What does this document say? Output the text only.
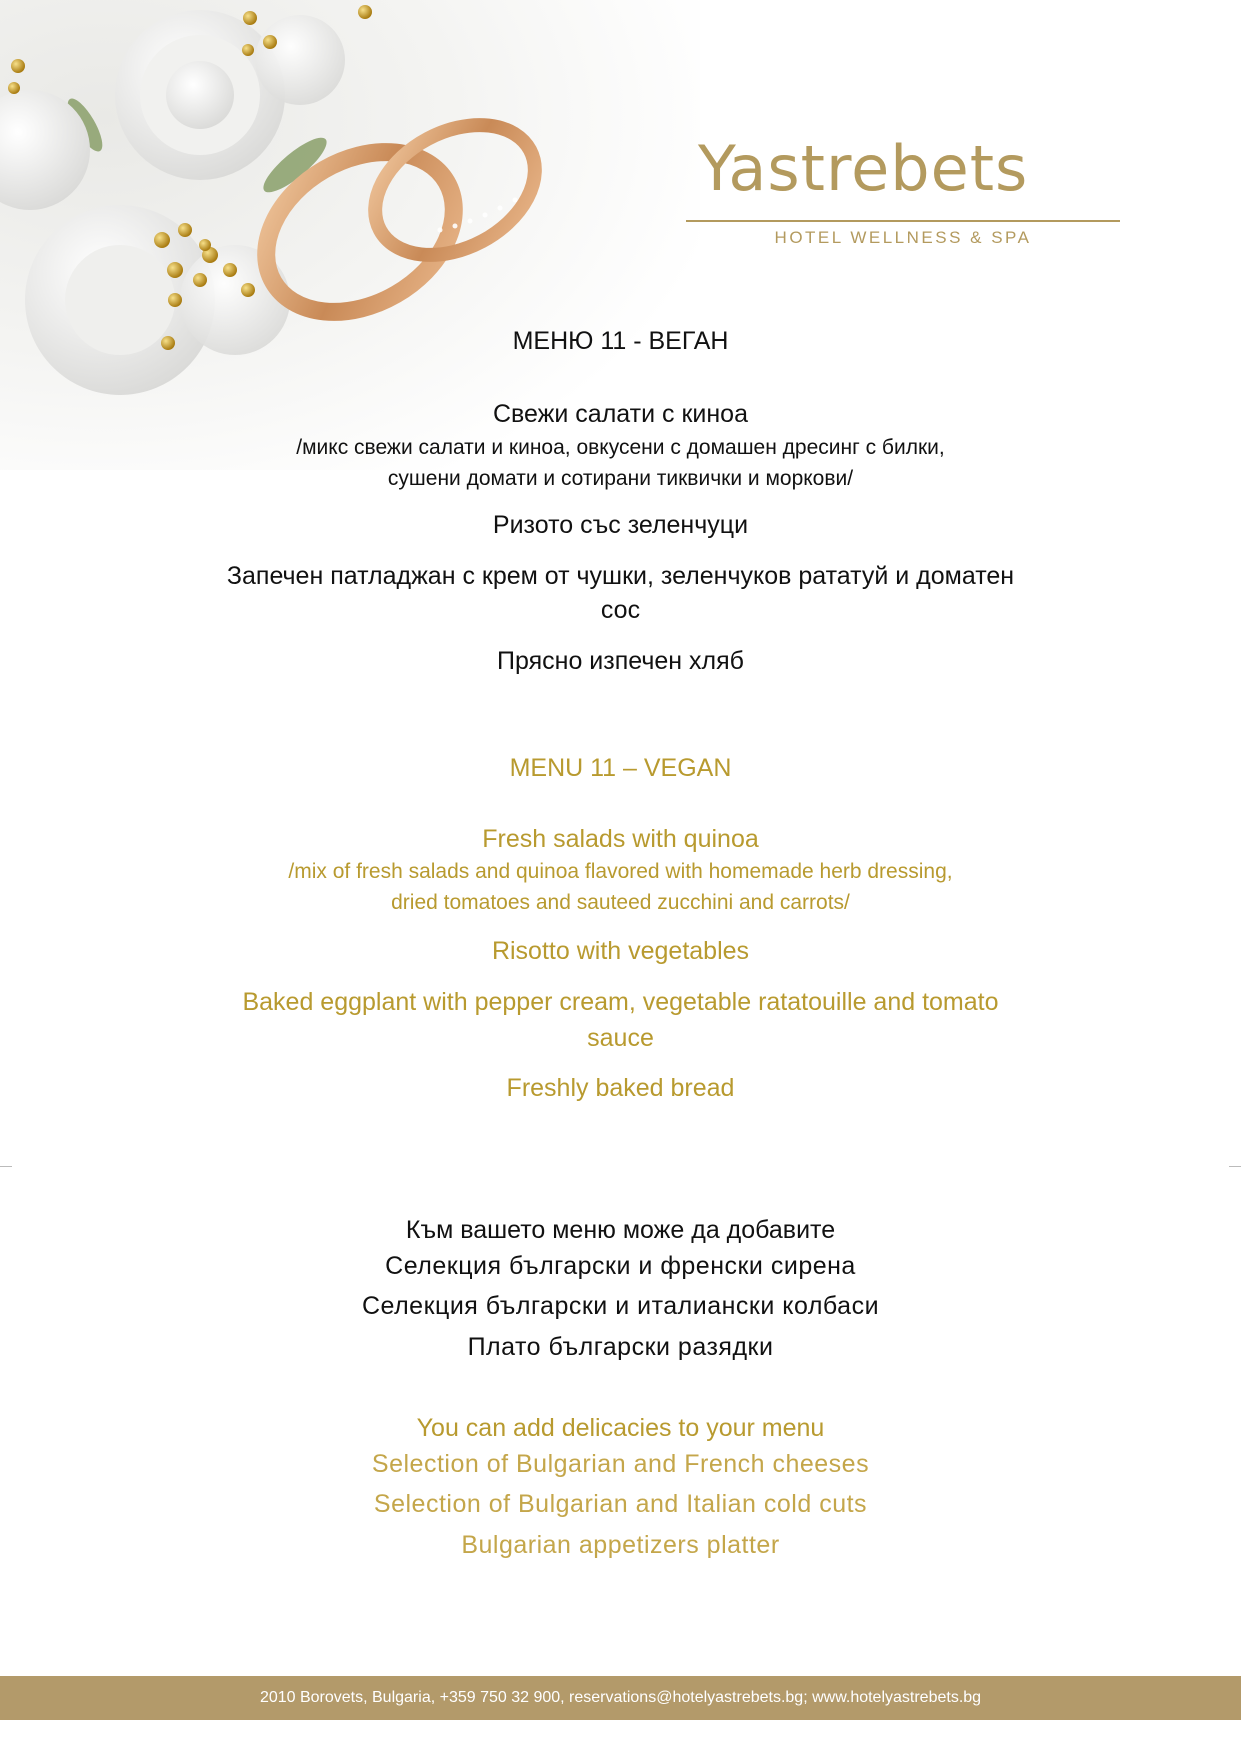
Yastrebets
HOTEL WELLNESS & SPA
МЕНЮ 11 - ВЕГАН
Свежи салати с киноа
/микс свежи салати и киноа, овкусени с домашен дресинг с билки,
сушени домати и сотирани тиквички и моркови/
Ризото със зеленчуци
Запечен патладжан с крем от чушки, зеленчуков рататуй и доматен
сос
Прясно изпечен хляб
MENU 11 – VEGAN
Fresh salads with quinoa
/mix of fresh salads and quinoa flavored with homemade herb dressing,
dried tomatoes and sauteed zucchini and carrots/
Risotto with vegetables
Baked eggplant with pepper cream, vegetable ratatouille and tomato
sauce
Freshly baked bread
Към вашето меню може да добавите
Селекция български и френски сирена
Селекция български и италиански колбаси
Плато български разядки
You can add delicacies to your menu
Selection of Bulgarian and French cheeses
Selection of Bulgarian and Italian cold cuts
Bulgarian appetizers platter
2010 Borovets, Bulgaria, +359 750 32 900, reservations@hotelyastrebets.bg; www.hotelyastrebets.bg
